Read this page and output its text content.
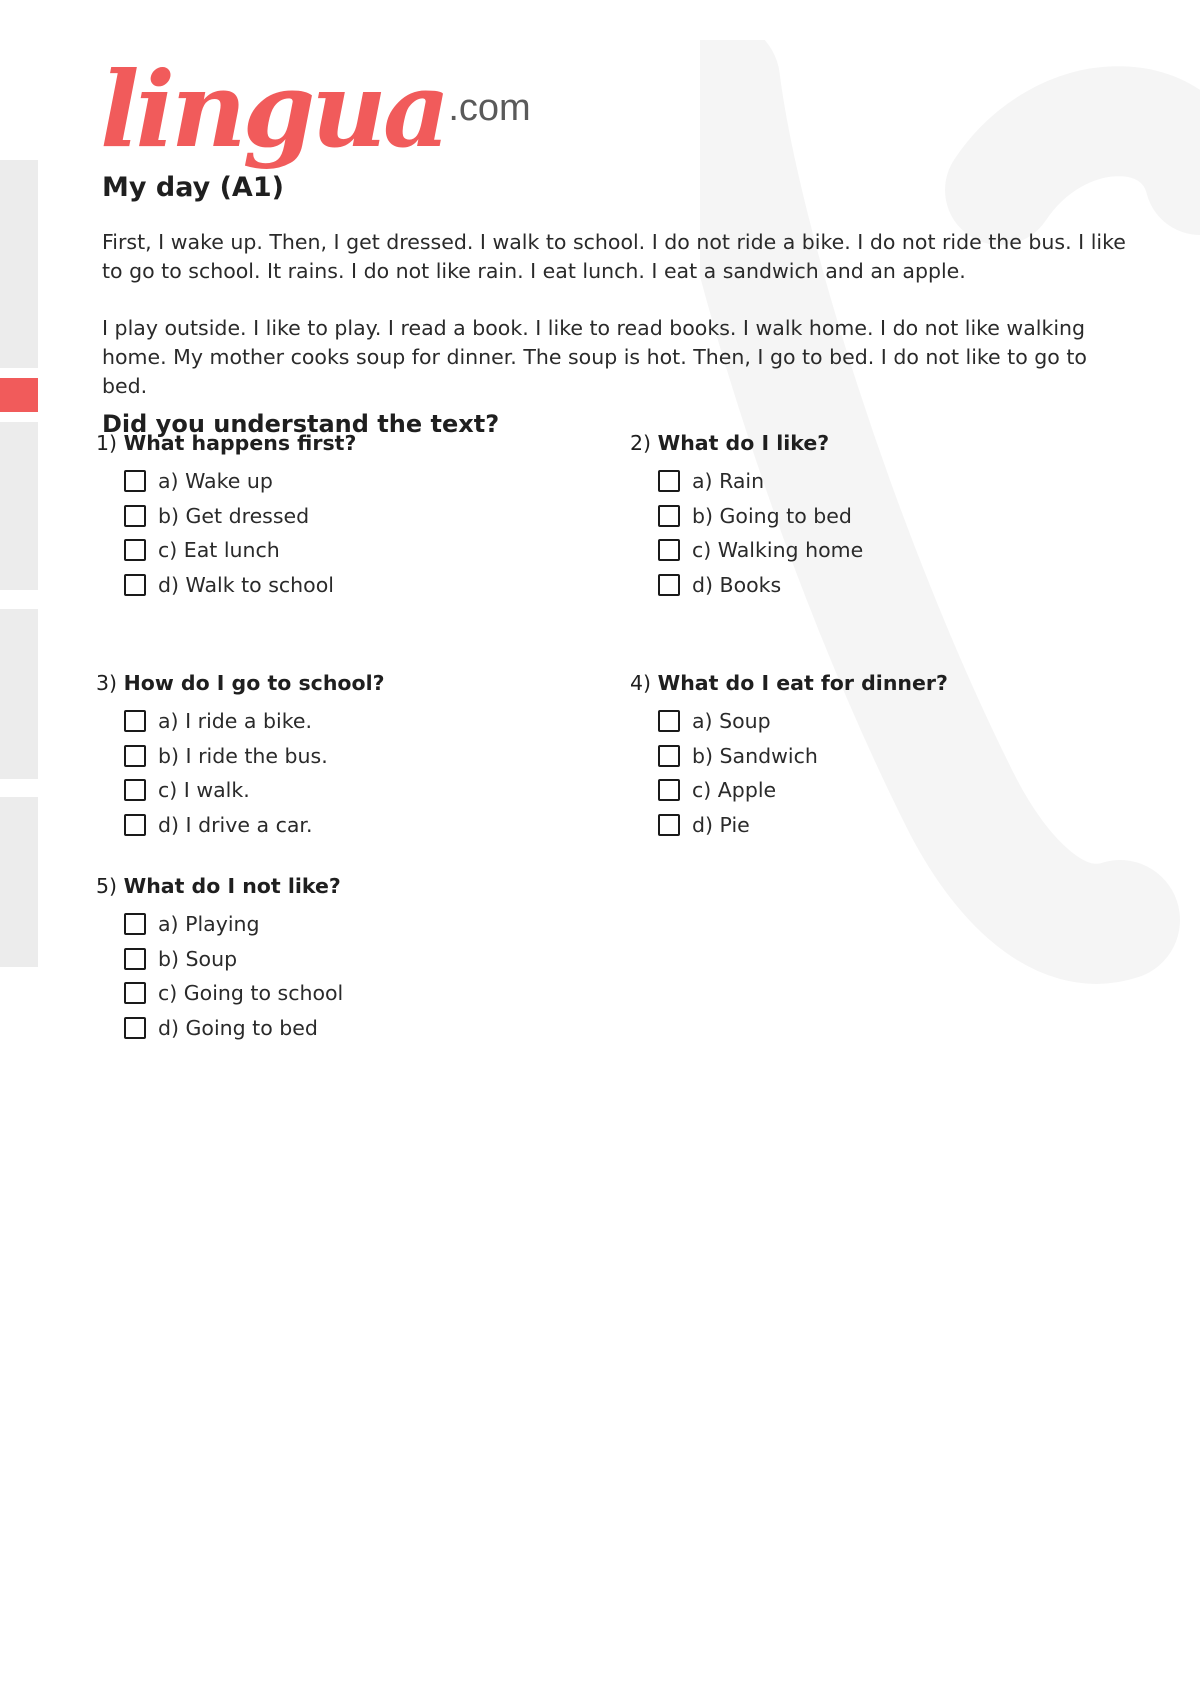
lingua .com
My day (A1)

First, I wake up. Then, I get dressed. I walk to school. I do not ride a bike. I do not ride the bus. I like to go to school. It rains. I do not like rain. I eat lunch. I eat a sandwich and an apple.

I play outside. I like to play. I read a book. I like to read books. I walk home. I do not like walking home. My mother cooks soup for dinner. The soup is hot. Then, I go to bed. I do not like to go to bed.

Did you understand the text?
1) What happens first?
a) Wake up
b) Get dressed
c) Eat lunch
d) Walk to school
2) What do I like?
a) Rain
b) Going to bed
c) Walking home
d) Books
3) How do I go to school?
a) I ride a bike.
b) I ride the bus.
c) I walk.
d) I drive a car.
4) What do I eat for dinner?
a) Soup
b) Sandwich
c) Apple
d) Pie
5) What do I not like?
a) Playing
b) Soup
c) Going to school
d) Going to bed
